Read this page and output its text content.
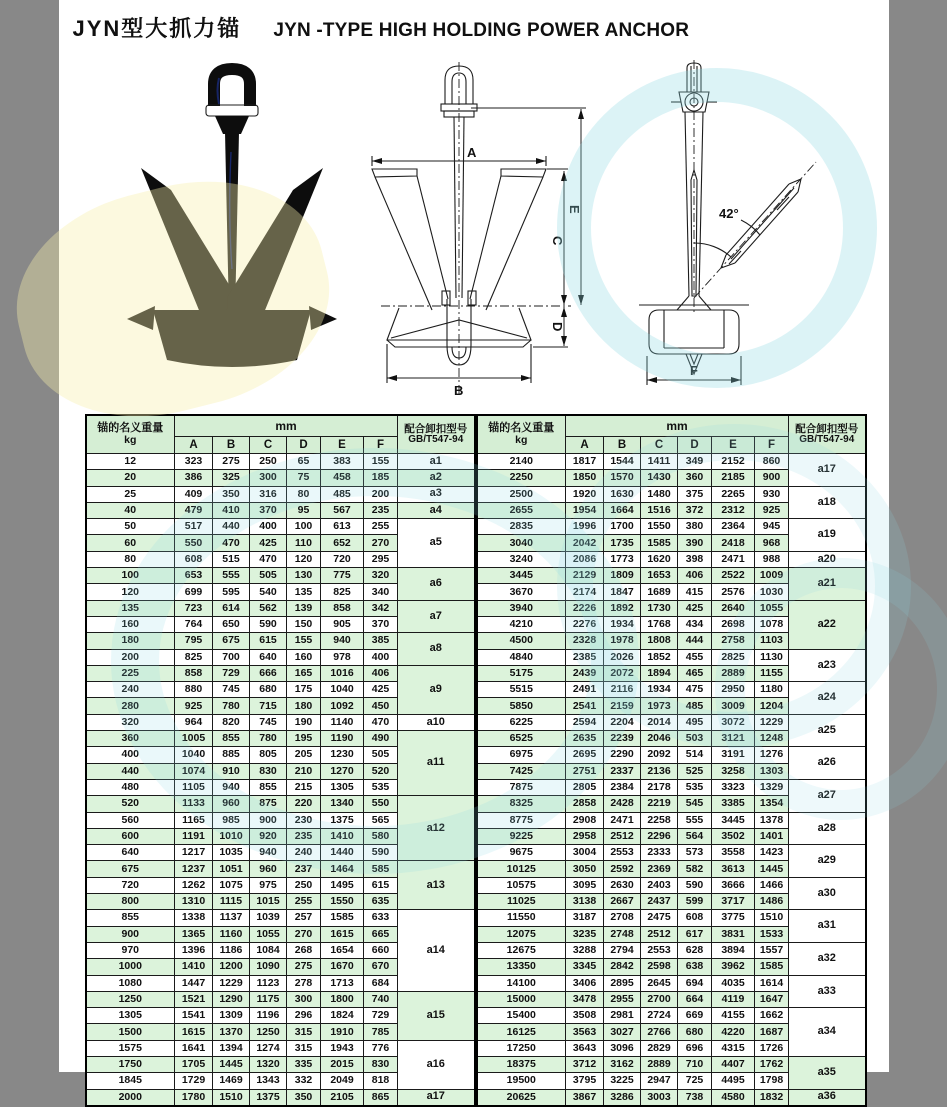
JYN型大抓力锚 JYN -TYPE HIGH HOLDING POWER ANCHOR
A
B
C
D
E	42°
F
锚的名义重量
kg
	mm	配合卸扣型号
GB/T547-94

	A	B	C	D	E	F	
12	323	275	250	65	383	155	a1
20	386	325	300	75	458	185	a2
25	409	350	316	80	485	200	a3
40	479	410	370	95	567	235	a4
50	517	440	400	100	613	255	a5
60	550	470	425	110	652	270	
80	608	515	470	120	720	295	
100	653	555	505	130	775	320	a6
120	699	595	540	135	825	340	
135	723	614	562	139	858	342	a7
160	764	650	590	150	905	370	
180	795	675	615	155	940	385	a8
200	825	700	640	160	978	400	
225	858	729	666	165	1016	406	a9
240	880	745	680	175	1040	425	
280	925	780	715	180	1092	450	
320	964	820	745	190	1140	470	a10
360	1005	855	780	195	1190	490	a11
400	1040	885	805	205	1230	505	
440	1074	910	830	210	1270	520	
480	1105	940	855	215	1305	535	
520	1133	960	875	220	1340	550	a12
560	1165	985	900	230	1375	565	
600	1191	1010	920	235	1410	580	
640	1217	1035	940	240	1440	590	
675	1237	1051	960	237	1464	585	a13
720	1262	1075	975	250	1495	615	
800	1310	1115	1015	255	1550	635	
855	1338	1137	1039	257	1585	633	a14
900	1365	1160	1055	270	1615	665	
970	1396	1186	1084	268	1654	660	
1000	1410	1200	1090	275	1670	670	
1080	1447	1229	1123	278	1713	684	
1250	1521	1290	1175	300	1800	740	a15
1305	1541	1309	1196	296	1824	729	
1500	1615	1370	1250	315	1910	785	
1575	1641	1394	1274	315	1943	776	a16
1750	1705	1445	1320	335	2015	830	
1845	1729	1469	1343	332	2049	818	
2000	1780	1510	1375	350	2105	865	a17
锚的名义重量
kg
	mm	配合卸扣型号
GB/T547-94

	A	B	C	D	E	F	
2140	1817	1544	1411	349	2152	860	a17
2250	1850	1570	1430	360	2185	900	
2500	1920	1630	1480	375	2265	930	a18
2655	1954	1664	1516	372	2312	925	
2835	1996	1700	1550	380	2364	945	a19
3040	2042	1735	1585	390	2418	968	
3240	2086	1773	1620	398	2471	988	a20
3445	2129	1809	1653	406	2522	1009	a21
3670	2174	1847	1689	415	2576	1030	
3940	2226	1892	1730	425	2640	1055	a22
4210	2276	1934	1768	434	2698	1078	
4500	2328	1978	1808	444	2758	1103	
4840	2385	2026	1852	455	2825	1130	a23
5175	2439	2072	1894	465	2889	1155	
5515	2491	2116	1934	475	2950	1180	a24
5850	2541	2159	1973	485	3009	1204	
6225	2594	2204	2014	495	3072	1229	a25
6525	2635	2239	2046	503	3121	1248	
6975	2695	2290	2092	514	3191	1276	a26
7425	2751	2337	2136	525	3258	1303	
7875	2805	2384	2178	535	3323	1329	a27
8325	2858	2428	2219	545	3385	1354	
8775	2908	2471	2258	555	3445	1378	a28
9225	2958	2512	2296	564	3502	1401	
9675	3004	2553	2333	573	3558	1423	a29
10125	3050	2592	2369	582	3613	1445	
10575	3095	2630	2403	590	3666	1466	a30
11025	3138	2667	2437	599	3717	1486	
11550	3187	2708	2475	608	3775	1510	a31
12075	3235	2748	2512	617	3831	1533	
12675	3288	2794	2553	628	3894	1557	a32
13350	3345	2842	2598	638	3962	1585	
14100	3406	2895	2645	694	4035	1614	a33
15000	3478	2955	2700	664	4119	1647	
15400	3508	2981	2724	669	4155	1662	a34
16125	3563	3027	2766	680	4220	1687	
17250	3643	3096	2829	696	4315	1726	
18375	3712	3162	2889	710	4407	1762	a35
19500	3795	3225	2947	725	4495	1798	
20625	3867	3286	3003	738	4580	1832	a36
